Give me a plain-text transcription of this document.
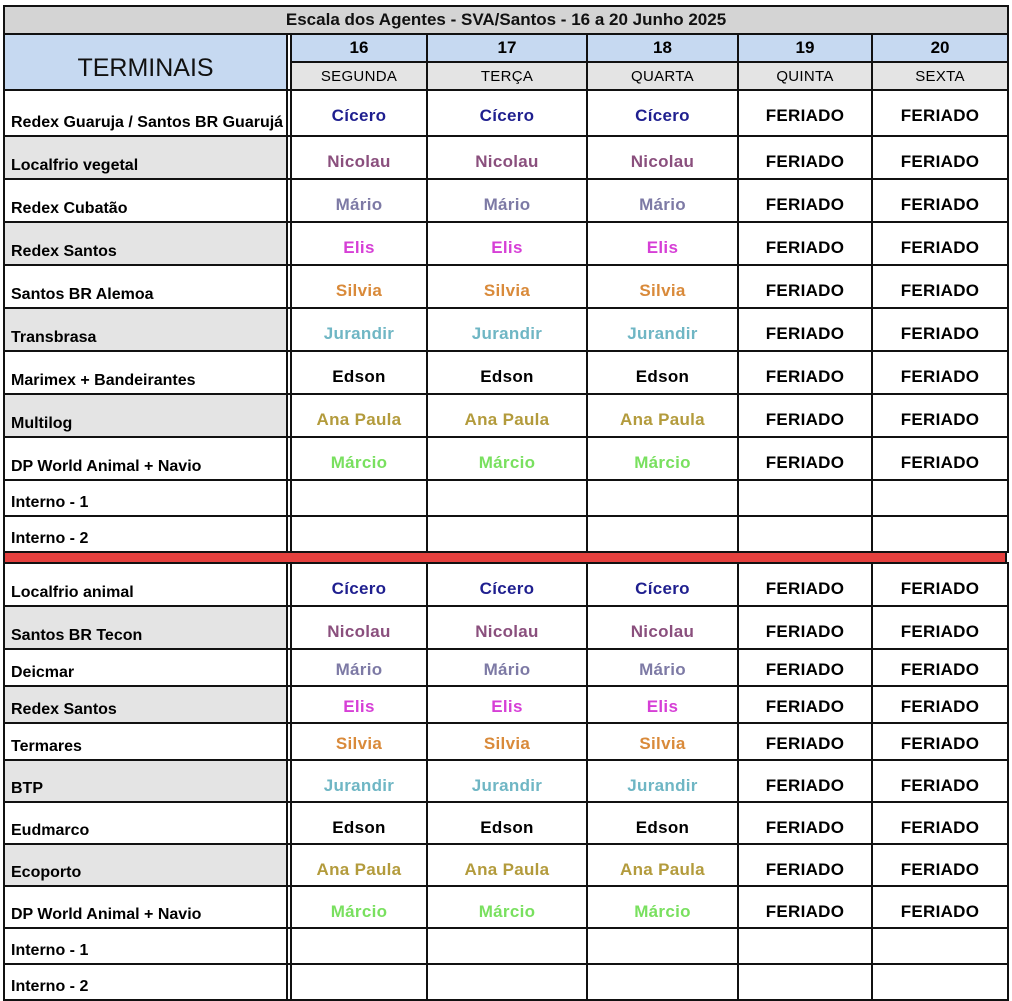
Escala dos Agentes - SVA/Santos - 16 a 20 Junho 2025						
TERMINAIS		16	17	18	19	20
		SEGUNDA	TERÇA	QUARTA	QUINTA	SEXTA
Redex Guaruja / Santos BR Guarujá		Cícero	Cícero	Cícero	FERIADO	FERIADO
Localfrio vegetal		Nicolau	Nicolau	Nicolau	FERIADO	FERIADO
Redex Cubatão		Mário	Mário	Mário	FERIADO	FERIADO
Redex Santos		Elis	Elis	Elis	FERIADO	FERIADO
Santos BR Alemoa		Silvia	Silvia	Silvia	FERIADO	FERIADO
Transbrasa		Jurandir	Jurandir	Jurandir	FERIADO	FERIADO
Marimex + Bandeirantes		Edson	Edson	Edson	FERIADO	FERIADO
Multilog		Ana Paula	Ana Paula	Ana Paula	FERIADO	FERIADO
DP World Animal + Navio		Márcio	Márcio	Márcio	FERIADO	FERIADO
Interno - 1						
Interno - 2						
Localfrio animal		Cícero	Cícero	Cícero	FERIADO	FERIADO
Santos BR Tecon		Nicolau	Nicolau	Nicolau	FERIADO	FERIADO
Deicmar		Mário	Mário	Mário	FERIADO	FERIADO
Redex Santos		Elis	Elis	Elis	FERIADO	FERIADO
Termares		Silvia	Silvia	Silvia	FERIADO	FERIADO
BTP		Jurandir	Jurandir	Jurandir	FERIADO	FERIADO
Eudmarco		Edson	Edson	Edson	FERIADO	FERIADO
Ecoporto		Ana Paula	Ana Paula	Ana Paula	FERIADO	FERIADO
DP World Animal + Navio		Márcio	Márcio	Márcio	FERIADO	FERIADO
Interno - 1						
Interno - 2						
